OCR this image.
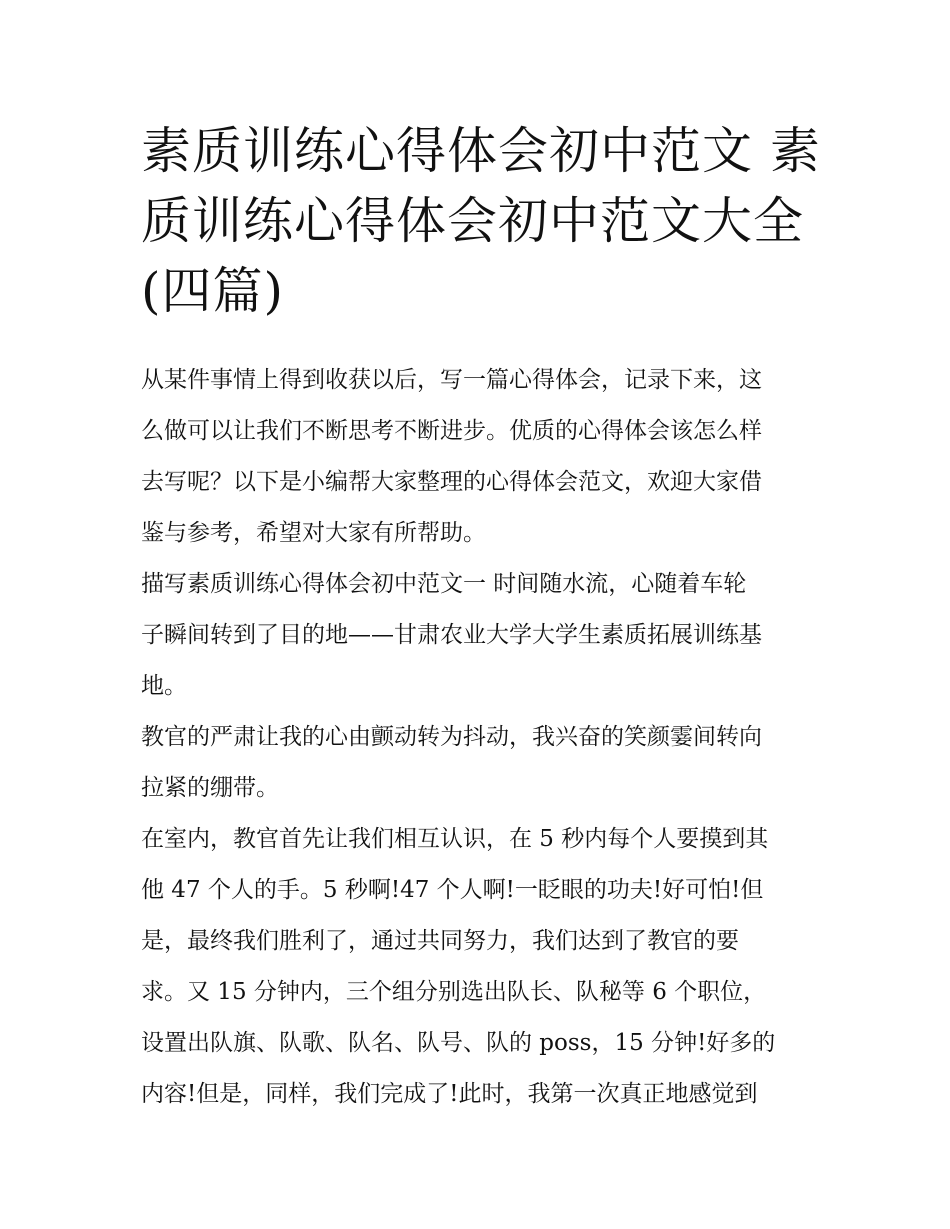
素质训练心得体会初中范文 素
质训练心得体会初中范文大全
(四篇)
从某件事情上得到收获以后，写一篇心得体会，记录下来，这
么做可以让我们不断思考不断进步。优质的心得体会该怎么样
去写呢？以下是小编帮大家整理的心得体会范文，欢迎大家借
鉴与参考，希望对大家有所帮助。
描写素质训练心得体会初中范文一 时间随水流，心随着车轮
子瞬间转到了目的地——甘肃农业大学大学生素质拓展训练基
地。
教官的严肃让我的心由颤动转为抖动，我兴奋的笑颜霎间转向
拉紧的绷带。
在室内，教官首先让我们相互认识，在 5 秒内每个人要摸到其
他 47 个人的手。5 秒啊!47 个人啊!一眨眼的功夫!好可怕!但
是，最终我们胜利了，通过共同努力，我们达到了教官的要
求。又 15 分钟内，三个组分别选出队长、队秘等 6 个职位，
设置出队旗、队歌、队名、队号、队的 poss，15 分钟!好多的
内容!但是，同样，我们完成了!此时，我第一次真正地感觉到
